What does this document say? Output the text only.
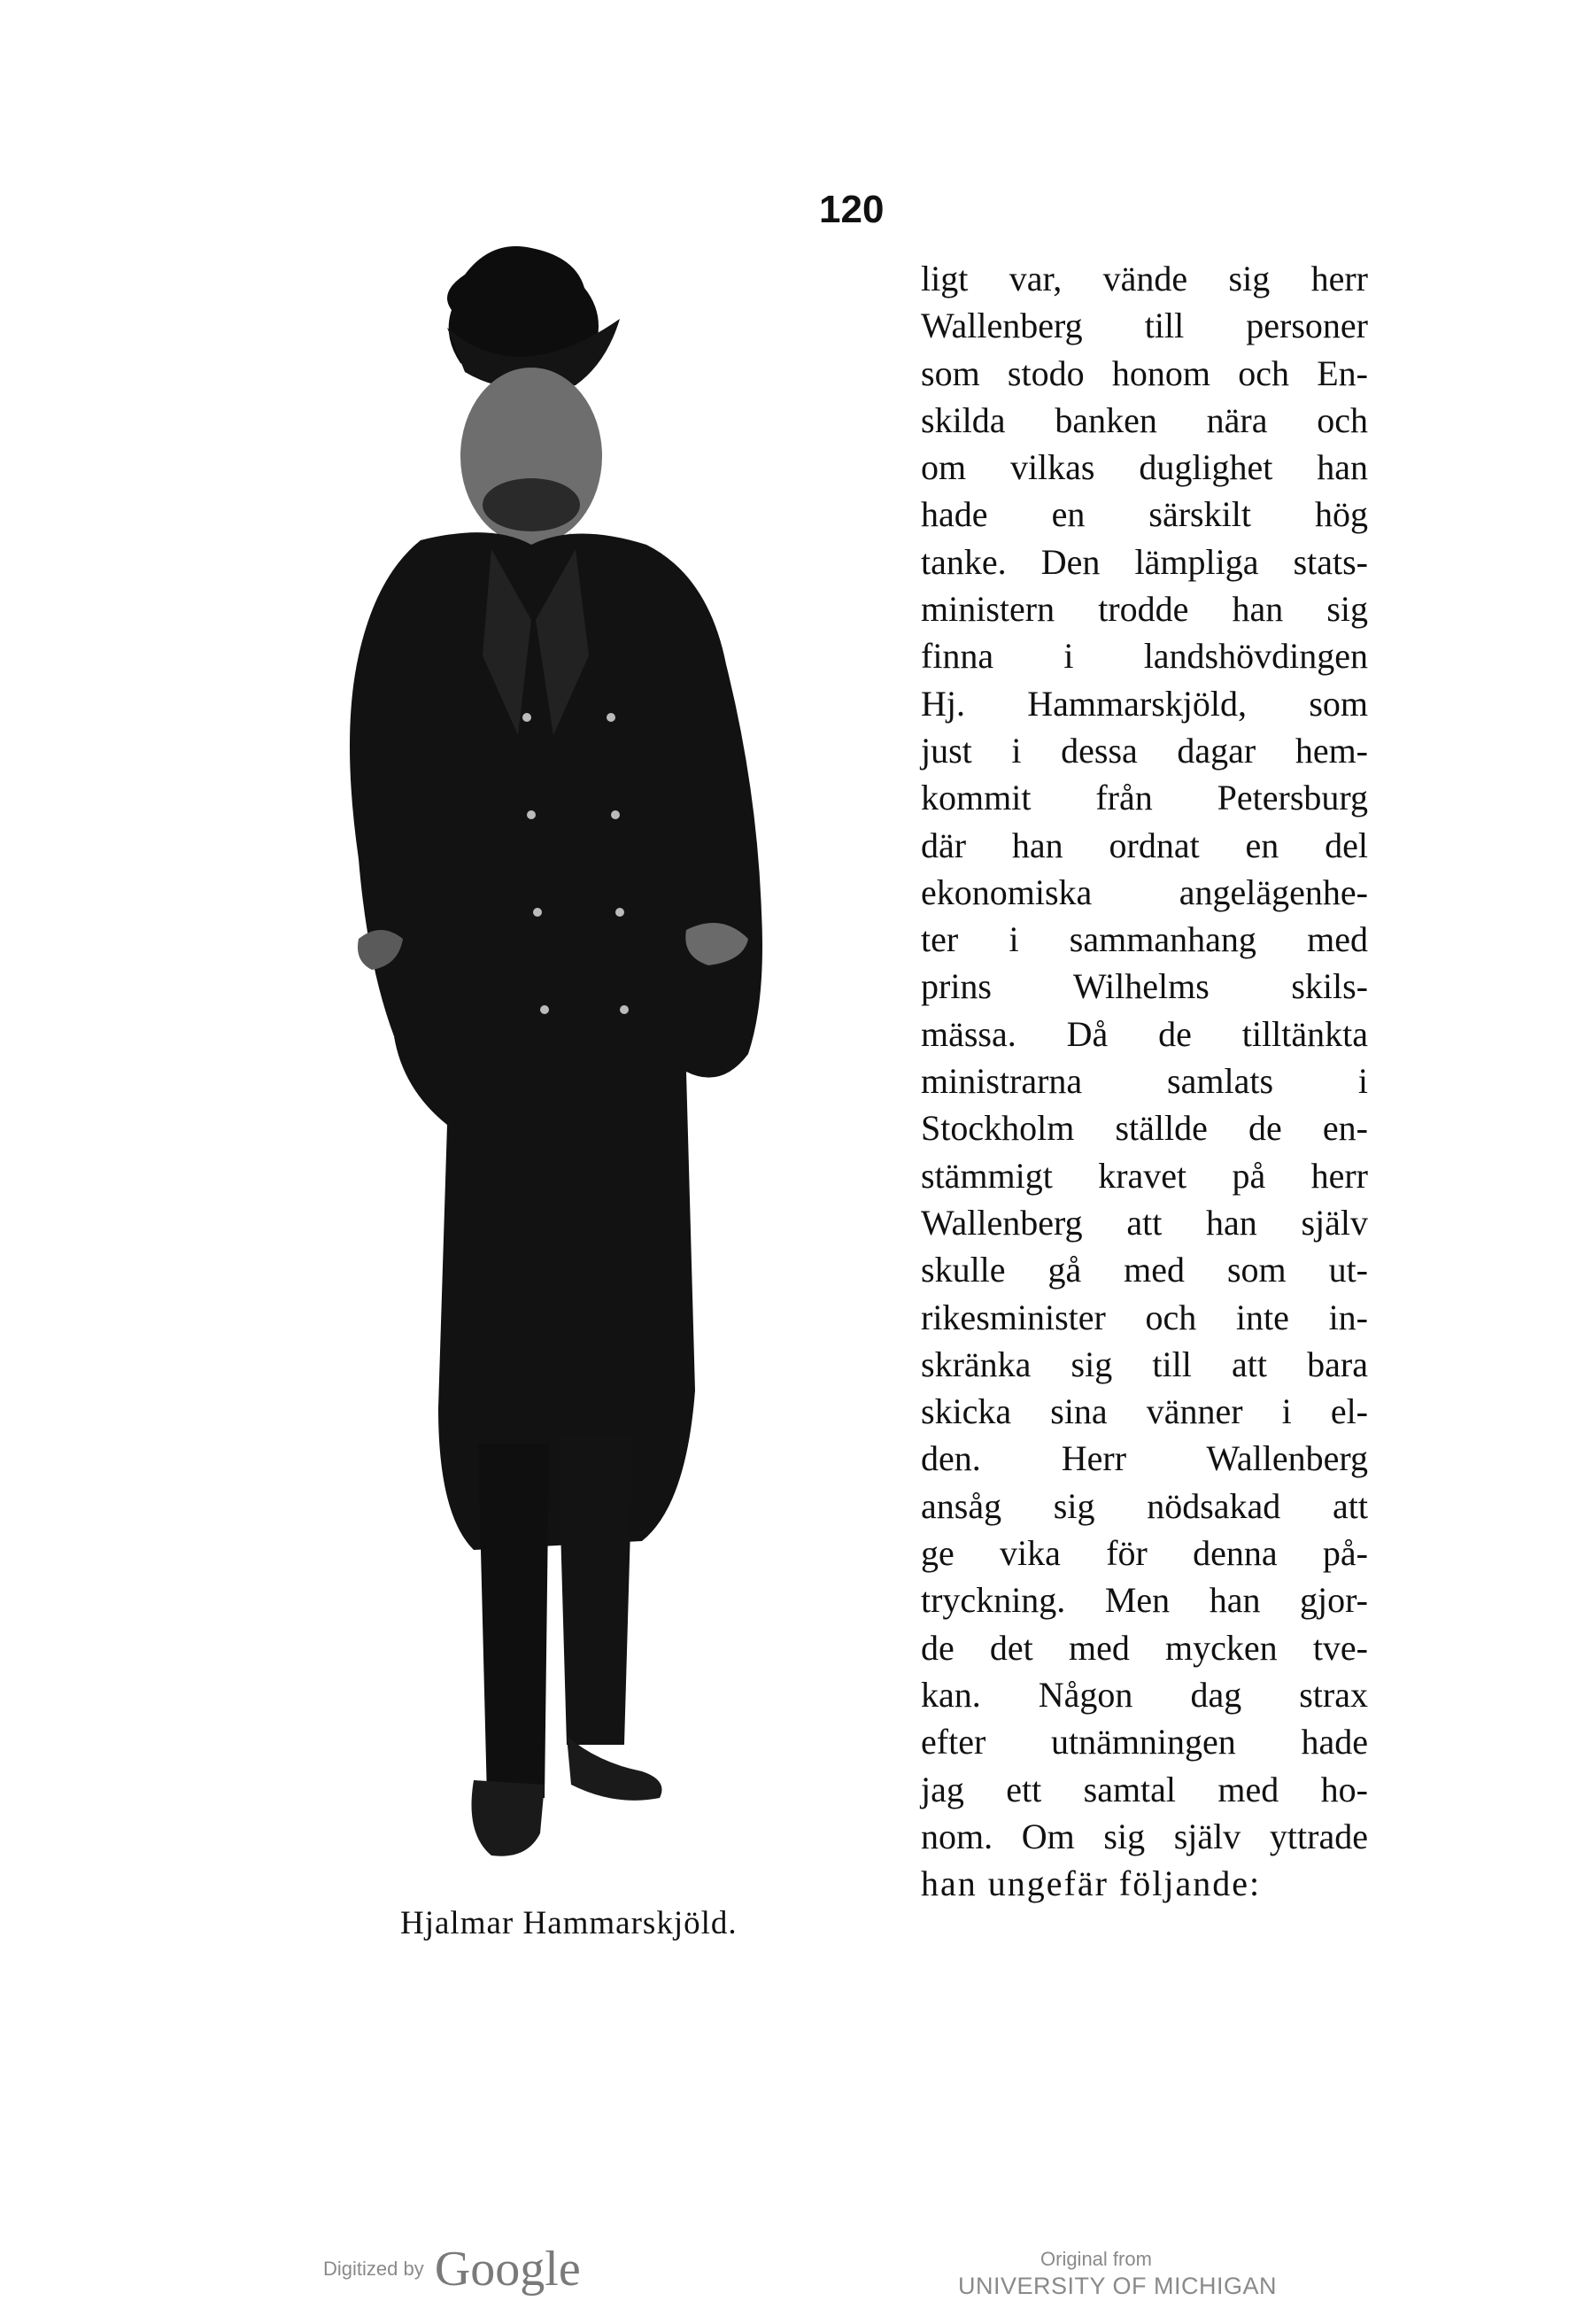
120
Hjalmar Hammarskjöld.
ligt var, vände sig herr
Wallenberg till personer
som stodo honom och En-
skilda banken nära och
om vilkas duglighet han
hade en särskilt hög
tanke. Den lämpliga stats-
ministern trodde han sig
finna i landshövdingen
Hj. Hammarskjöld, som
just i dessa dagar hem-
kommit från Petersburg
där han ordnat en del
ekonomiska angelägenhe-
ter i sammanhang med
prins Wilhelms skils-
mässa. Då de tilltänkta
ministrarna samlats i
Stockholm ställde de en-
stämmigt kravet på herr
Wallenberg att han själv
skulle gå med som ut-
rikesminister och inte in-
skränka sig till att bara
skicka sina vänner i el-
den. Herr Wallenberg
ansåg sig nödsakad att
ge vika för denna på-
tryckning. Men han gjor-
de det med mycken tve-
kan. Någon dag strax
efter utnämningen hade
jag ett samtal med ho-
nom. Om sig själv yttrade
han ungefär följande:
Digitized by Google	Original from
UNIVERSITY OF MICHIGAN
